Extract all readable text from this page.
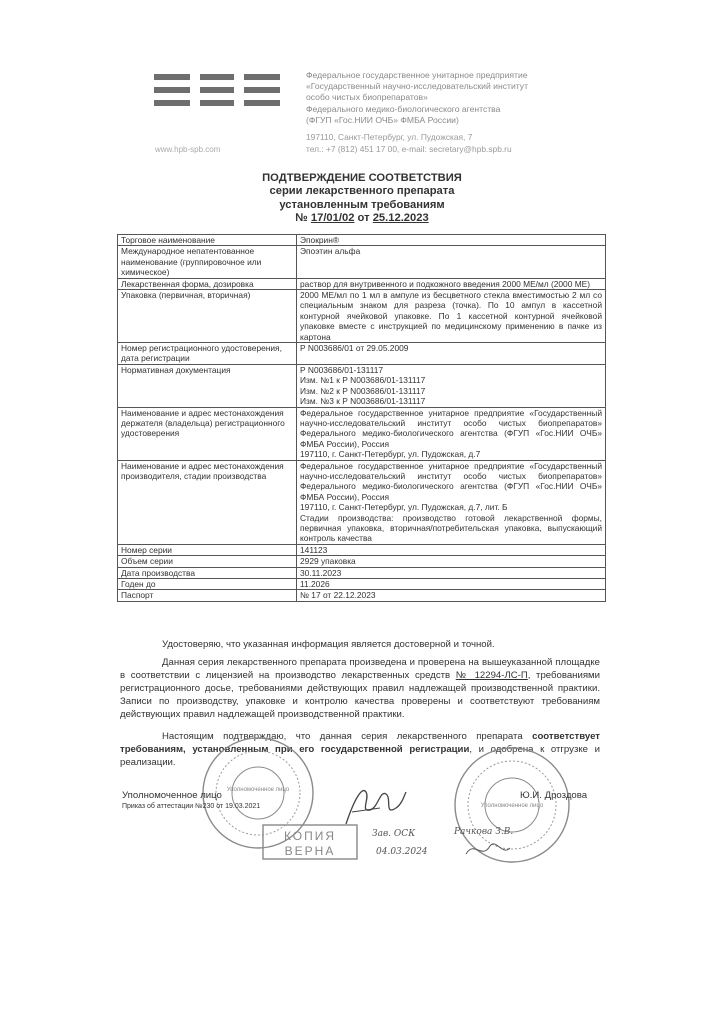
www.hpb-spb.com
Федеральное государственное унитарное предприятие
«Государственный научно-исследовательский институт
особо чистых биопрепаратов»
Федерального медико-биологического агентства
(ФГУП «Гос.НИИ ОЧБ» ФМБА России)
197110, Санкт-Петербург, ул. Пудожская, 7
тел.: +7 (812) 451 17 00, e-mail: secretary@hpb.spb.ru
ПОДТВЕРЖДЕНИЕ СООТВЕТСТВИЯ
серии лекарственного препарата
установленным требованиям
№ 17/01/02 от 25.12.2023
Торговое наименование	Эпокрин®

Международное непатентованное наименование (группировочное или химическое)	Эпоэтин альфа

Лекарственная форма, дозировка	раствор для внутривенного и подкожного введения 2000 МЕ/мл (2000 МЕ)

Упаковка (первичная, вторичная)	2000 МЕ/мл по 1 мл в ампуле из бесцветного стекла вместимостью 2 мл со специальным знаком для разреза (точка). По 10 ампул в кассетной контурной ячейковой упаковке. По 1 кассетной контурной ячейковой упаковке вместе с инструкцией по медицинскому применению в пачке из картона

Номер регистрационного удостоверения, дата регистрации	Р N003686/01 от 29.05.2009

Нормативная документация	Р N003686/01-131117
Изм. №1 к Р N003686/01-131117
Изм. №2 к Р N003686/01-131117
Изм. №3 к Р N003686/01-131117

Наименование и адрес местонахождения держателя (владельца) регистрационного удостоверения	Федеральное государственное унитарное предприятие «Государственный научно-исследовательский институт особо чистых биопрепаратов» Федерального медико-биологического агентства (ФГУП «Гос.НИИ ОЧБ» ФМБА России), Россия
197110, г. Санкт-Петербург, ул. Пудожская, д.7

Наименование и адрес местонахождения производителя, стадии производства	Федеральное государственное унитарное предприятие «Государственный научно-исследовательский институт особо чистых биопрепаратов» Федерального медико-биологического агентства (ФГУП «Гос.НИИ ОЧБ» ФМБА России), Россия
197110, г. Санкт-Петербург, ул. Пудожская, д.7, лит. Б
Стадии производства: производство готовой лекарственной формы, первичная упаковка, вторичная/потребительская упаковка, выпускающий контроль качества

Номер серии	141123

Объем серии	2929 упаковка

Дата производства	30.11.2023

Годен до	11.2026

Паспорт	№ 17 от 22.12.2023
Удостоверяю, что указанная информация является достоверной и точной.
Данная серия лекарственного препарата произведена и проверена на вышеуказанной площадке в соответствии с лицензией на производство лекарственных средств № 12294-ЛС-П, требованиями регистрационного досье, требованиями действующих правил надлежащей производственной практики. Записи по производству, упаковке и контролю качества проверены и соответствуют требованиям действующих правил надлежащей производственной практики.
Настоящим подтверждаю, что данная серия лекарственного препарата соответствует требованиям, установленным при его государственной регистрации, и одобрена к отгрузке и реализации.
Уполномоченное лицо
Уполномоченное лицо
Уполномоченное лицо	Ю.И. Дроздова
Приказ об аттестации №230 от 19.03.2021
КОПИЯ
ВЕРНА
Зав. ОСК
04.03.2024
Рачкова З.В.
